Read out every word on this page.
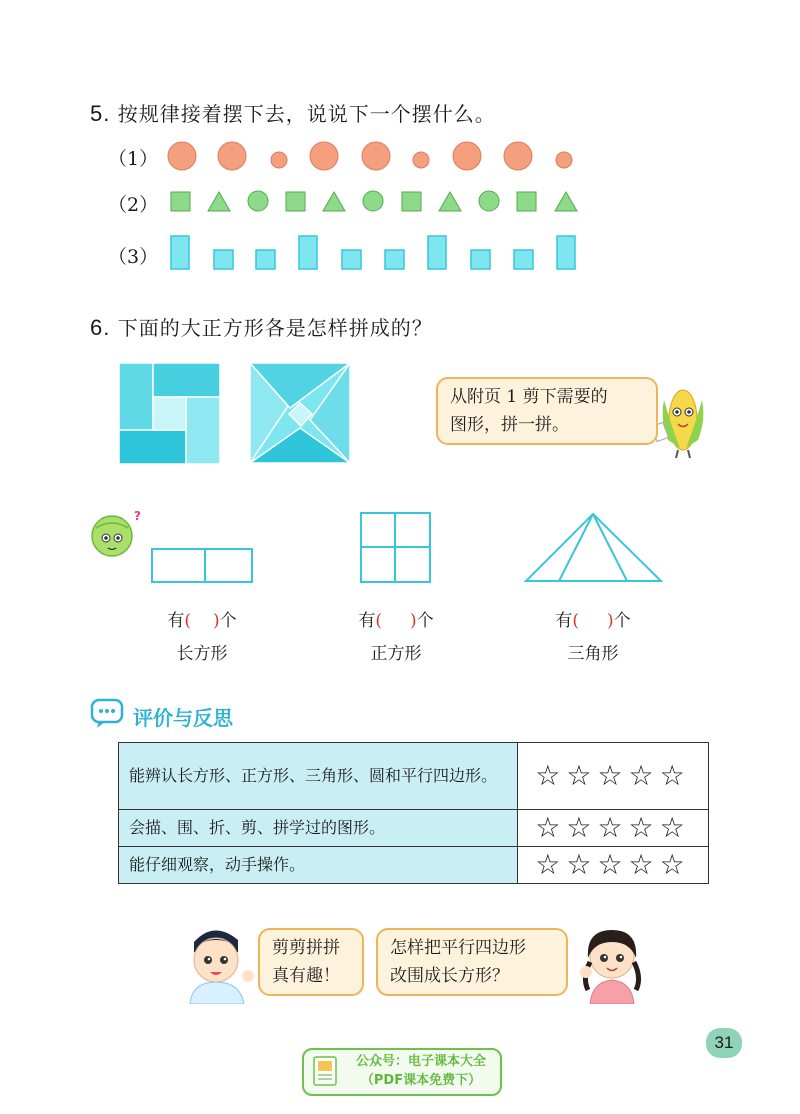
5. 按规律接着摆下去，说说下一个摆什么。
（1）
（2）
（3）
6. 下面的大正方形各是怎样拼成的？
?
从附页 1 剪下需要的
图形，拼一拼。
有( )个
长方形
有( )个
正方形
有( )个
三角形
评价与反思
能辨认长方形、正方形、三角形、圆和平行四边形。	☆☆☆☆☆
会描、围、折、剪、拼学过的图形。	☆☆☆☆☆
能仔细观察，动手操作。	☆☆☆☆☆
剪剪拼拼
真有趣！
怎样把平行四边形
改围成长方形？
31
公众号：电子课本大全
（PDF课本免费下）
